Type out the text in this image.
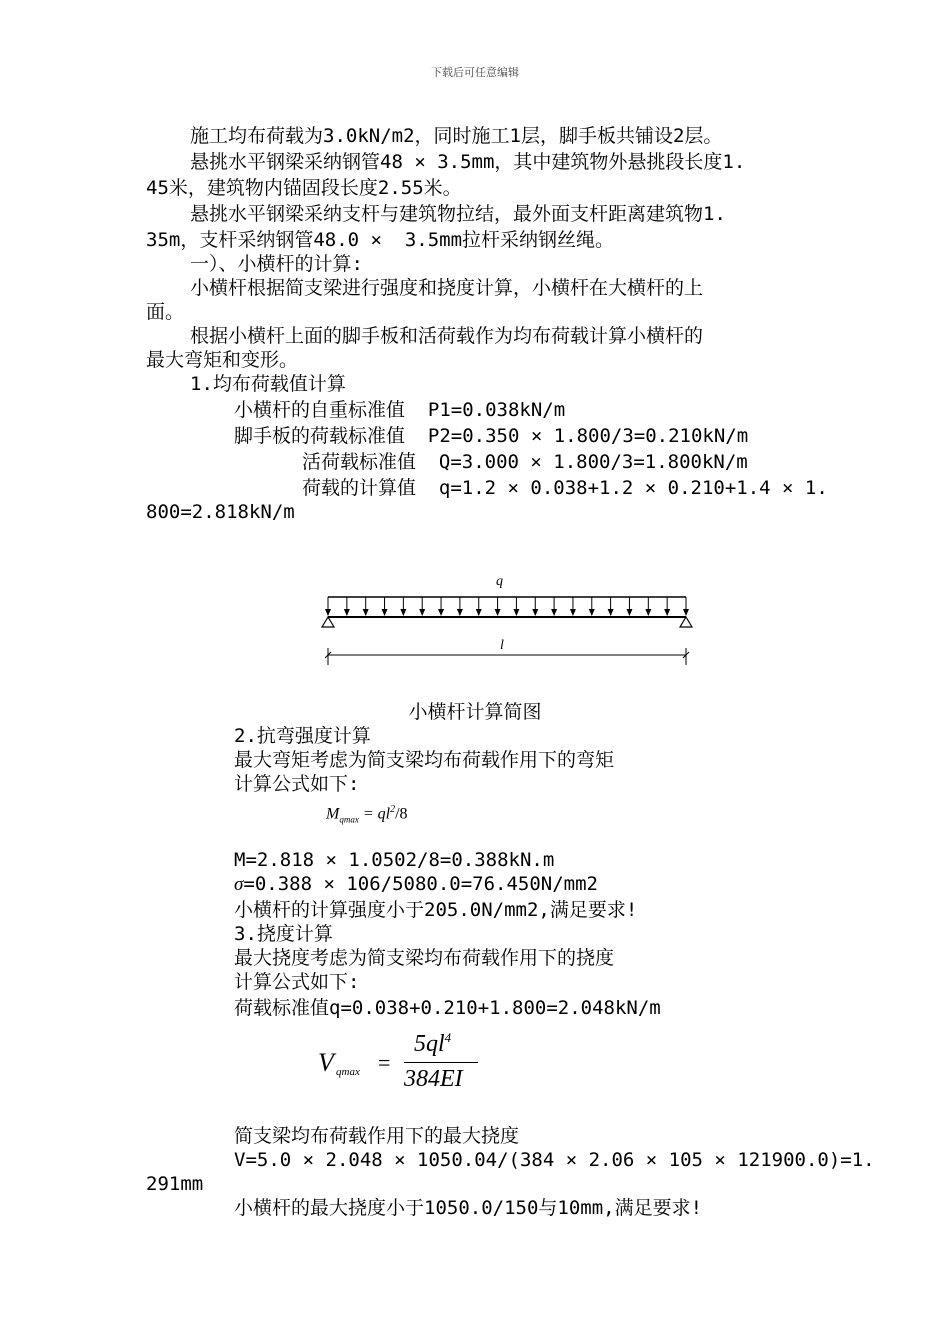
下载后可任意编辑
施工均布荷载为3.0kN/m2，同时施工1层，脚手板共铺设2层。
悬挑水平钢梁采纳钢管48 × 3.5mm，其中建筑物外悬挑段长度1.
45米，建筑物内锚固段长度2.55米。
悬挑水平钢梁采纳支杆与建筑物拉结，最外面支杆距离建筑物1.
35m，支杆采纳钢管48.0 ×  3.5mm拉杆采纳钢丝绳。
一）、小横杆的计算:
小横杆根据简支梁进行强度和挠度计算，小横杆在大横杆的上
面。
根据小横杆上面的脚手板和活荷载作为均布荷载计算小横杆的
最大弯矩和变形。
1.均布荷载值计算
小横杆的自重标准值  P1=0.038kN/m
脚手板的荷载标准值  P2=0.350 × 1.800/3=0.210kN/m
活荷载标准值  Q=3.000 × 1.800/3=1.800kN/m
荷载的计算值  q=1.2 × 0.038+1.2 × 0.210+1.4 × 1.
800=2.818kN/m
q
l
小横杆计算简图
2.抗弯强度计算
最大弯矩考虑为简支梁均布荷载作用下的弯矩
计算公式如下:
$M_{qmax} = ql^2/8$
M=2.818 × 1.0502/8=0.388kN.m
σ=0.388 × 106/5080.0=76.450N/mm2
小横杆的计算强度小于205.0N/mm2,满足要求!
3.挠度计算
最大挠度考虑为简支梁均布荷载作用下的挠度
计算公式如下:
荷载标准值q=0.038+0.210+1.800=2.048kN/m
V qmax =
$5ql^4$
384EI
简支梁均布荷载作用下的最大挠度
V=5.0 × 2.048 × 1050.04/(384 × 2.06 × 105 × 121900.0)=1.
291mm
小横杆的最大挠度小于1050.0/150与10mm,满足要求!
